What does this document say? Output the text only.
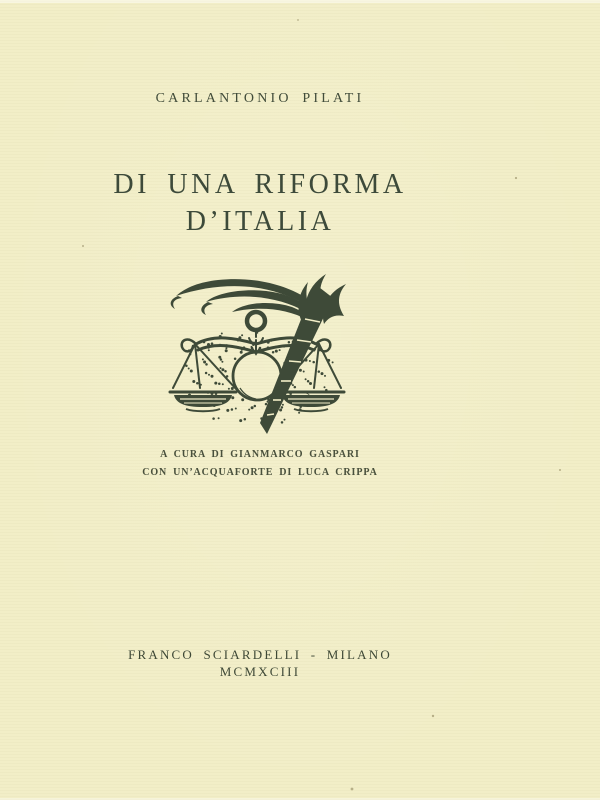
CARLANTONIO PILATI
DI UNA RIFORMA
D’ITALIA
A CURA DI GIANMARCO GASPARI
CON UN’ACQUAFORTE DI LUCA CRIPPA
FRANCO SCIARDELLI - MILANO
MCMXCIII
